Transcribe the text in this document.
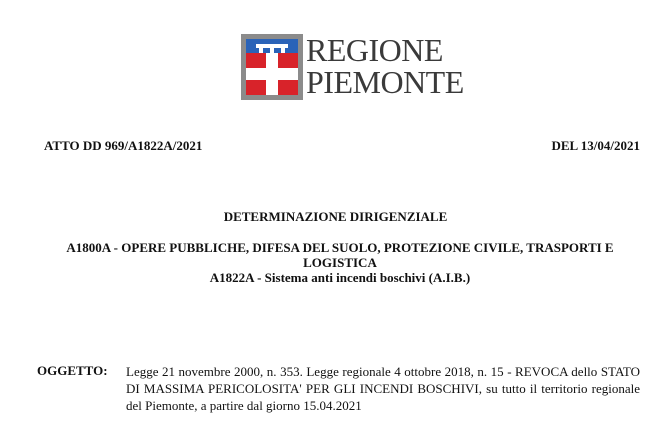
REGIONE
PIEMONTE
ATTO DD 969/A1822A/2021	DEL 13/04/2021
DETERMINAZIONE DIRIGENZIALE
A1800A - OPERE PUBBLICHE, DIFESA DEL SUOLO, PROTEZIONE CIVILE, TRASPORTI E
LOGISTICA
A1822A - Sistema anti incendi boschivi (A.I.B.)
OGGETTO: Legge 21 novembre 2000, n. 353. Legge regionale 4 ottobre 2018, n. 15 - REVOCA dello STATO DI MASSIMA PERICOLOSITA' PER GLI INCENDI BOSCHIVI, su tutto il territorio regionale del Piemonte, a partire dal giorno 15.04.2021
